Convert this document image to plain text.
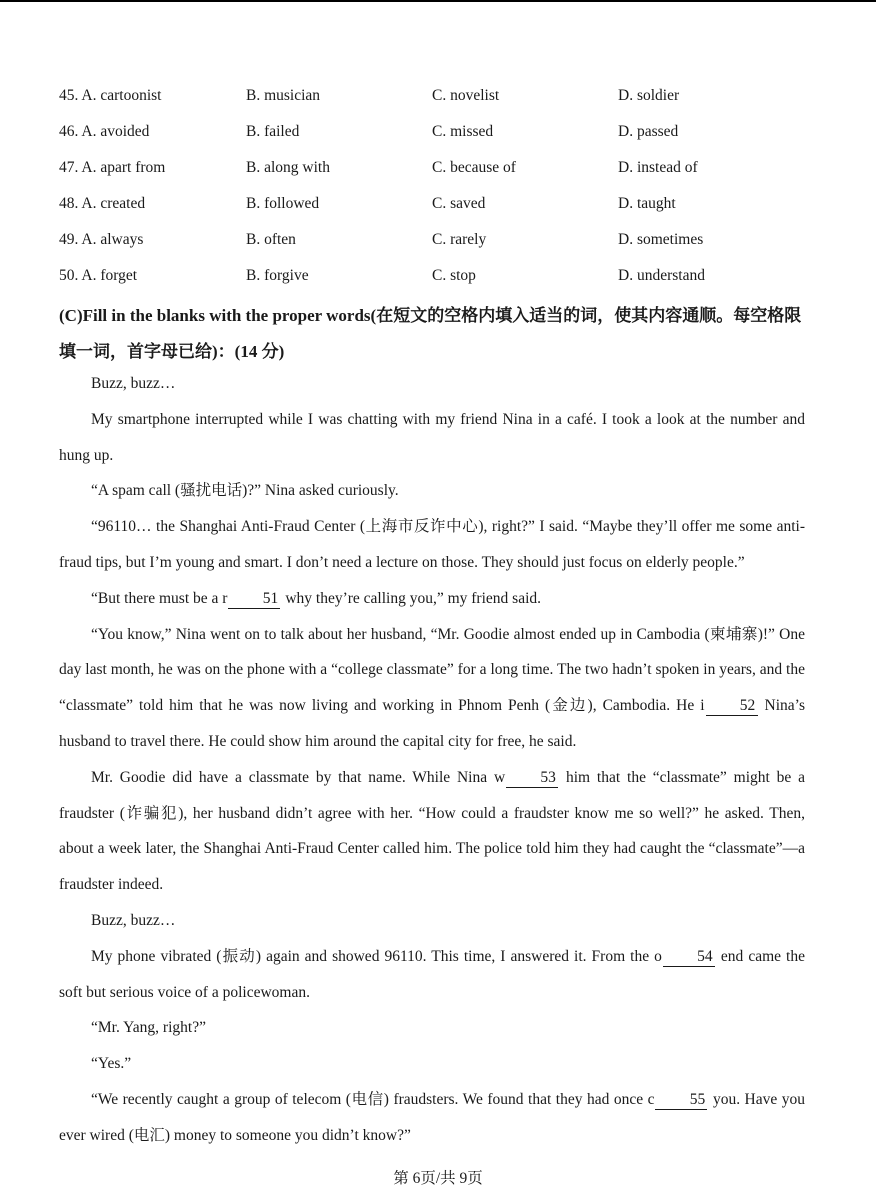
45. A. cartoonist	B. musician	C. novelist	D. soldier
46. A. avoided	B. failed	C. missed	D. passed
47. A. apart from	B. along with	C. because of	D. instead of
48. A. created	B. followed	C. saved	D. taught
49. A. always	B. often	C. rarely	D. sometimes
50. A. forget	B. forgive	C. stop	D. understand
(C)Fill in the blanks with the proper words(在短文的空格内填入适当的词，使其内容通顺。每空格限填一词，首字母已给)：(14 分)

Buzz, buzz…

My smartphone interrupted while I was chatting with my friend Nina in a café. I took a look at the number and hung up.

“A spam call (骚扰电话)?” Nina asked curiously.

“96110… the Shanghai Anti-Fraud Center (上海市反诈中心), right?” I said. “Maybe they’ll offer me some anti-fraud tips, but I’m young and smart. I don’t need a lecture on those. They should just focus on elderly people.”

“But there must be a r 51 why they’re calling you,” my friend said.

“You know,” Nina went on to talk about her husband, “Mr. Goodie almost ended up in Cambodia (柬埔寨)!” One day last month, he was on the phone with a “college classmate” for a long time. The two hadn’t spoken in years, and the “classmate” told him that he was now living and working in Phnom Penh (金边), Cambodia. He i 52 Nina’s husband to travel there. He could show him around the capital city for free, he said.

Mr. Goodie did have a classmate by that name. While Nina w 53 him that the “classmate” might be a fraudster (诈骗犯), her husband didn’t agree with her. “How could a fraudster know me so well?” he asked. Then, about a week later, the Shanghai Anti-Fraud Center called him. The police told him they had caught the “classmate”—a fraudster indeed.

Buzz, buzz…

My phone vibrated (振动) again and showed 96110. This time, I answered it. From the o 54 end came the soft but serious voice of a policewoman.

“Mr. Yang, right?”

“Yes.”

“We recently caught a group of telecom (电信) fraudsters. We found that they had once c 55 you. Have you ever wired (电汇) money to someone you didn’t know?”

第 6页/共 9页
